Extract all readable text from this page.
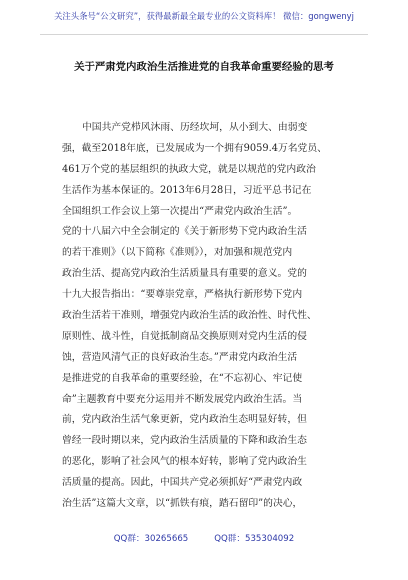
关注头条号“公文研究”，获得最新最全最专业的公文资料库！ 微信：gongwenyj
关于严肃党内政治生活推进党的自我革命重要经验的思考
中国共产党栉风沐雨、历经坎坷，从小到大、由弱变
强，截至2018年底，已发展成为一个拥有9059.4万名党员、
461万个党的基层组织的执政大党，就是以规范的党内政治
生活作为基本保证的。2013年6月28日，习近平总书记在
全国组织工作会议上第一次提出“严肃党内政治生活”。
党的十八届六中全会制定的《关于新形势下党内政治生活
的若干准则》（以下简称《准则》），对加强和规范党内
政治生活、提高党内政治生活质量具有重要的意义。党的
十九大报告指出：“要尊崇党章，严格执行新形势下党内
政治生活若干准则，增强党内政治生活的政治性、时代性、
原则性、战斗性，自觉抵制商品交换原则对党内生活的侵
蚀，营造风清气正的良好政治生态。”严肃党内政治生活
是推进党的自我革命的重要经验，在“不忘初心、牢记使
命”主题教育中要充分运用并不断发展党内政治生活。当
前，党内政治生活气象更新，党内政治生态明显好转，但
曾经一段时期以来，党内政治生活质量的下降和政治生态
的恶化，影响了社会风气的根本好转，影响了党内政治生
活质量的提高。因此，中国共产党必须抓好“严肃党内政
治生活”这篇大文章，以“抓铁有痕，踏石留印”的决心，
QQ群：30265665	QQ群：535304092
